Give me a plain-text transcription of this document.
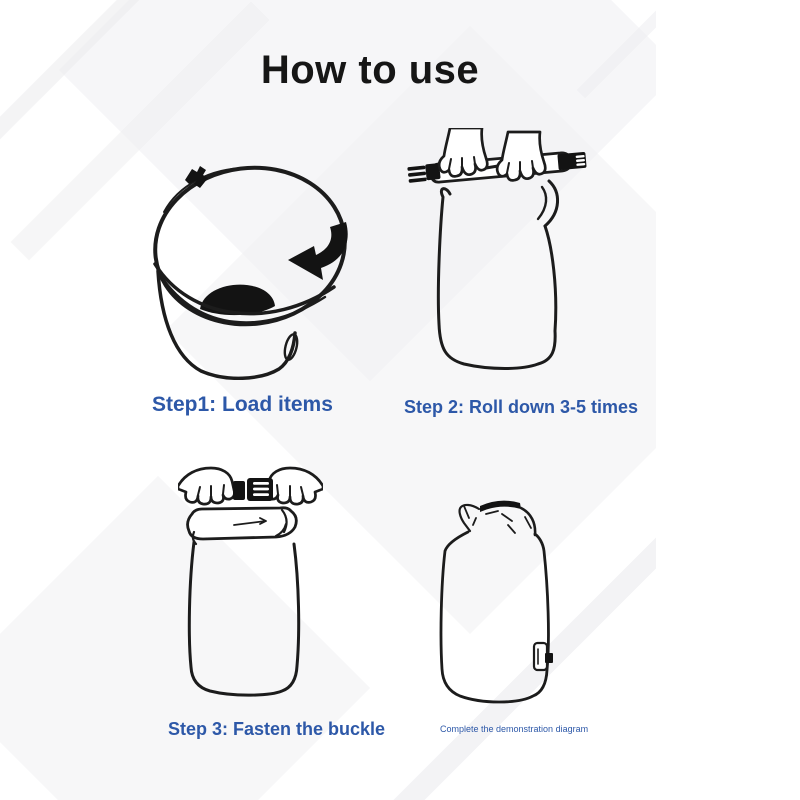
How to use
Step1: Load items	Step 2: Roll down 3-5 times
Step 3: Fasten the buckle	Complete the demonstration diagram
